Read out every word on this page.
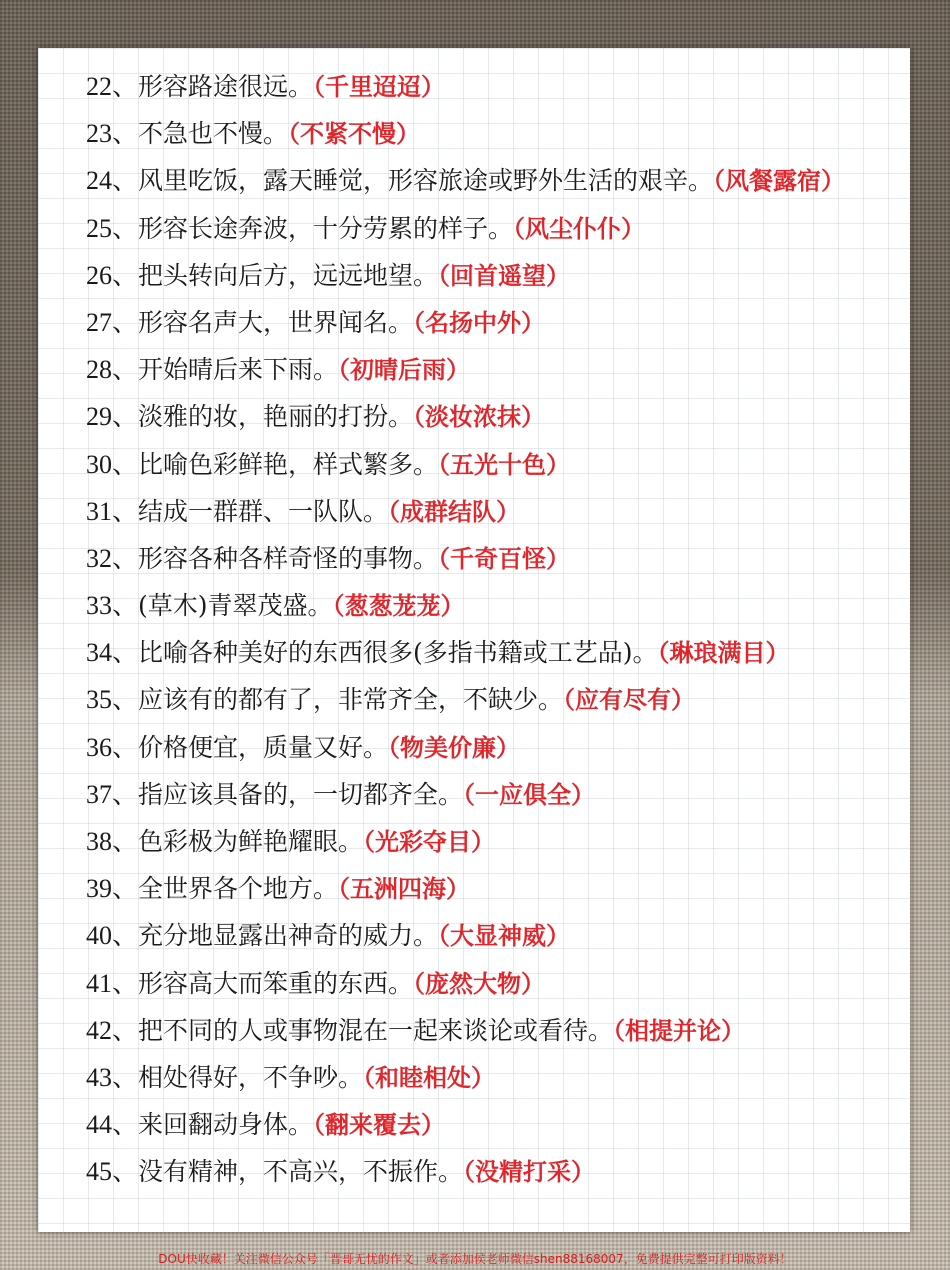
22、形容路途很远。（千里迢迢）
23、不急也不慢。（不紧不慢）
24、风里吃饭，露天睡觉，形容旅途或野外生活的艰辛。（风餐露宿）
25、形容长途奔波，十分劳累的样子。（风尘仆仆）
26、把头转向后方，远远地望。（回首遥望）
27、形容名声大，世界闻名。（名扬中外）
28、开始晴后来下雨。（初晴后雨）
29、淡雅的妆，艳丽的打扮。（淡妆浓抹）
30、比喻色彩鲜艳，样式繁多。（五光十色）
31、结成一群群、一队队。（成群结队）
32、形容各种各样奇怪的事物。（千奇百怪）
33、(草木)青翠茂盛。（葱葱茏茏）
34、比喻各种美好的东西很多(多指书籍或工艺品)。（琳琅满目）
35、应该有的都有了，非常齐全，不缺少。（应有尽有）
36、价格便宜，质量又好。（物美价廉）
37、指应该具备的，一切都齐全。（一应俱全）
38、色彩极为鲜艳耀眼。（光彩夺目）
39、全世界各个地方。（五洲四海）
40、充分地显露出神奇的威力。（大显神威）
41、形容高大而笨重的东西。（庞然大物）
42、把不同的人或事物混在一起来谈论或看待。（相提并论）
43、相处得好，不争吵。（和睦相处）
44、来回翻动身体。（翻来覆去）
45、没有精神，不高兴，不振作。（没精打采）
DOU快收藏！关注微信公众号「晋哥无忧的作文」或者添加侯老师微信shen88168007，免费提供完整可打印版资料！
